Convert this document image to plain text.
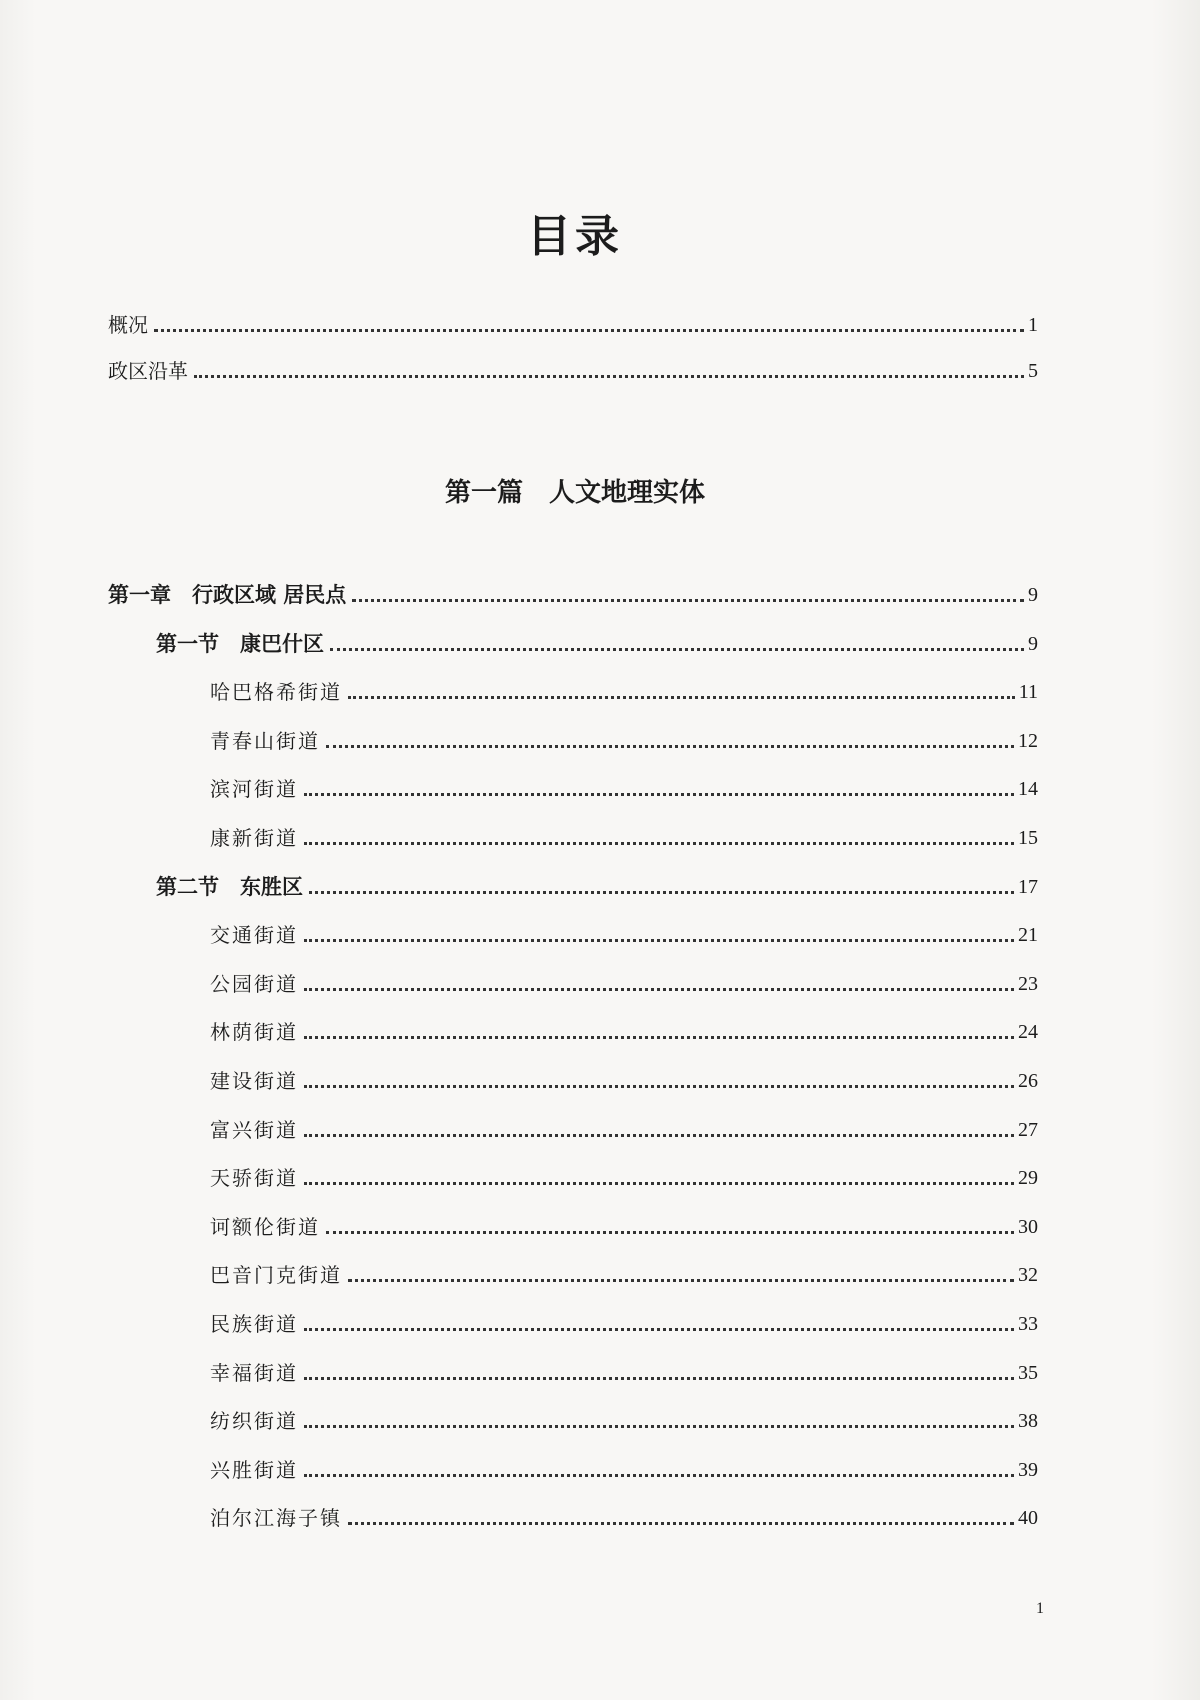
目录
概况	1
政区沿革	5
第一篇　人文地理实体
第一章　行政区域 居民点	9
第一节　康巴什区	9
哈巴格希街道	11
青春山街道	12
滨河街道	14
康新街道	15
第二节　东胜区	17
交通街道	21
公园街道	23
林荫街道	24
建设街道	26
富兴街道	27
天骄街道	29
诃额伦街道	30
巴音门克街道	32
民族街道	33
幸福街道	35
纺织街道	38
兴胜街道	39
泊尔江海子镇	40
1
